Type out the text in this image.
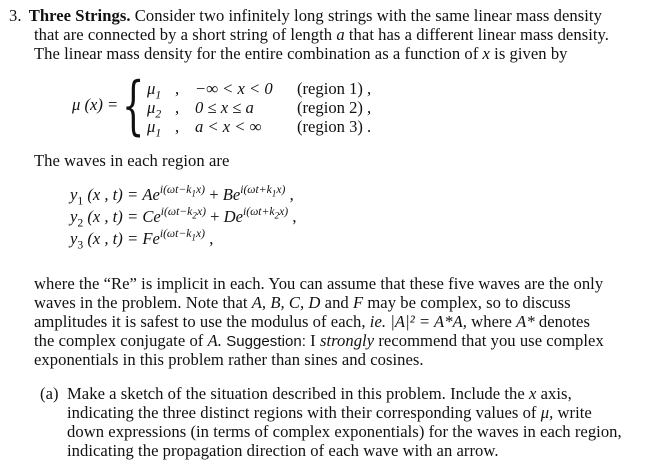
3. Three Strings. Consider two infinitely long strings with the same linear mass density
that are connected by a short string of length a that has a different linear mass density.
The linear mass density for the entire combination as a function of x is given by
μ (x) = { $\mu_1$ , −∞ < x < 0 (region 1) ,
$\mu_2$ , 0 ≤ x ≤ a	(region 2) ,
$\mu_1$ , a < x < ∞ (region 3) .
The waves in each region are
$y_1$ (x , $t) = Ae^{i(\omega t-k_1x)} + Be^{i(\omega t+k_1x)}$ ,
$y_2$ (x , $t) = Ce^{i(\omega t-k_2x)} + De^{i(\omega t+k_2x)}$ ,
$y_3$ (x , $t) = Fe^{i(\omega t-k_1x)}$ ,
where the “Re” is implicit in each. You can assume that these five waves are the only
waves in the problem. Note that A, B, C, D and F may be complex, so to discuss
amplitudes it is safest to use the modulus of each, ie. |A|² = A*A, where A* denotes
the complex conjugate of A. Suggestion: I strongly recommend that you use complex
exponentials in this problem rather than sines and cosines.
(a) Make a sketch of the situation described in this problem. Include the x axis,
indicating the three distinct regions with their corresponding values of μ, write
down expressions (in terms of complex exponentials) for the waves in each region,
indicating the propagation direction of each wave with an arrow.
